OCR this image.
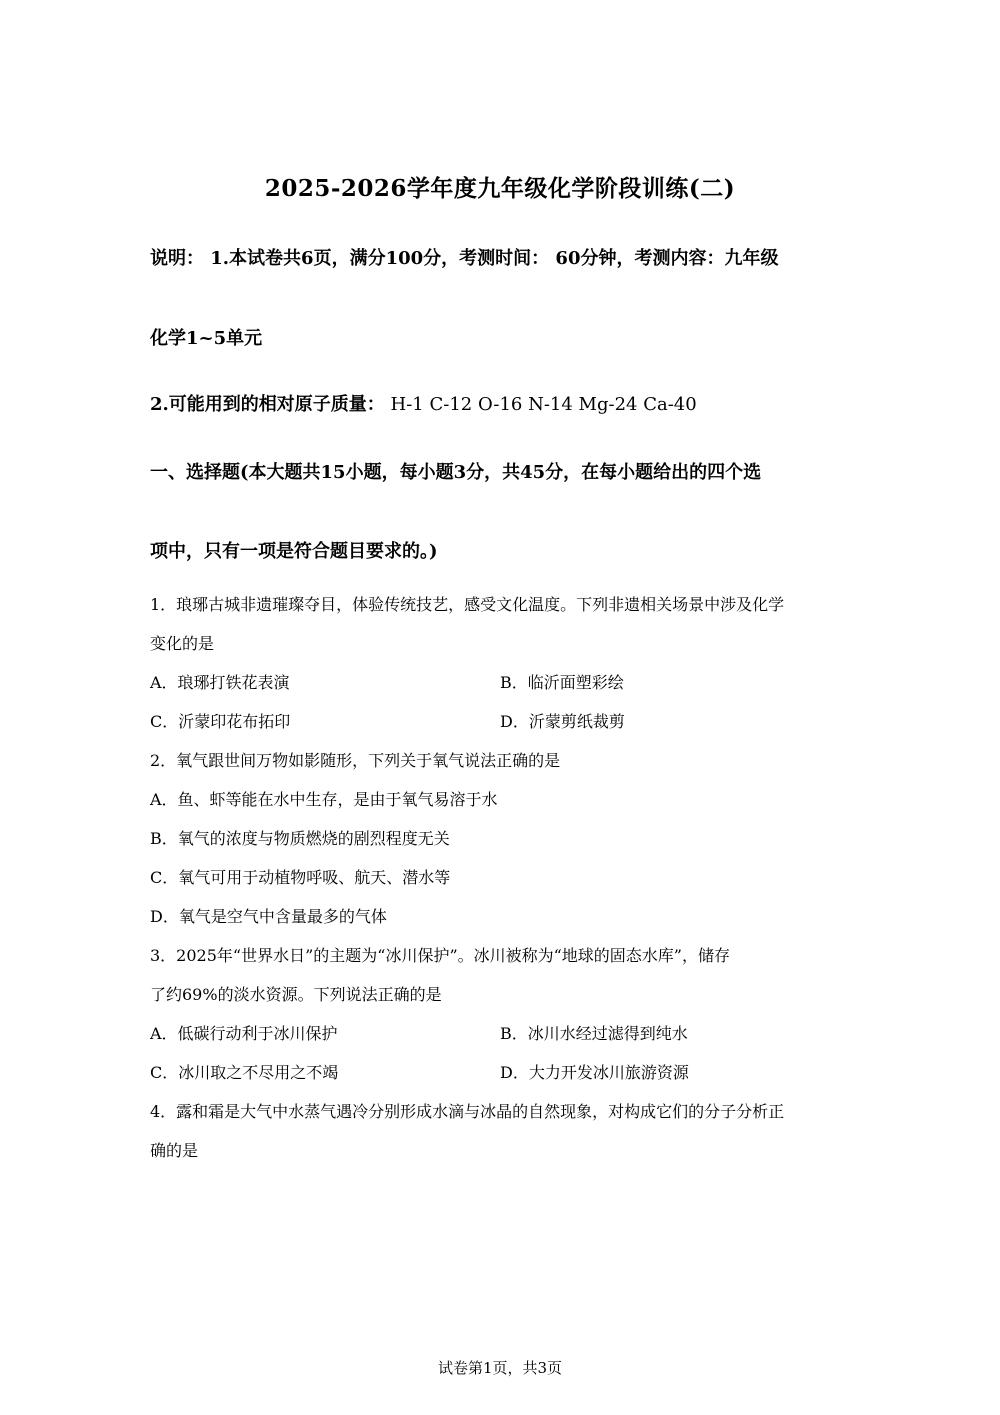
2025-2026学年度九年级化学阶段训练(二)
说明： 1.本试卷共6页，满分100分，考测时间： 60分钟，考测内容：九年级
化学1~5单元
2.可能用到的相对原子质量： H-1 C-12 O-16 N-14 Mg-24 Ca-40
一、选择题(本大题共15小题，每小题3分，共45分，在每小题给出的四个选
项中，只有一项是符合题目要求的。)
1．琅琊古城非遗璀璨夺目，体验传统技艺，感受文化温度。下列非遗相关场景中涉及化学
变化的是
A．琅琊打铁花表演	B．临沂面塑彩绘
C．沂蒙印花布拓印	D．沂蒙剪纸裁剪
2．氧气跟世间万物如影随形，下列关于氧气说法正确的是
A．鱼、虾等能在水中生存，是由于氧气易溶于水
B．氧气的浓度与物质燃烧的剧烈程度无关
C．氧气可用于动植物呼吸、航天、潜水等
D．氧气是空气中含量最多的气体
3．2025年“世界水日”的主题为“冰川保护”。冰川被称为“地球的固态水库”，储存
了约69%的淡水资源。下列说法正确的是
A．低碳行动利于冰川保护	B．冰川水经过滤得到纯水
C．冰川取之不尽用之不竭	D．大力开发冰川旅游资源
4．露和霜是大气中水蒸气遇冷分别形成水滴与冰晶的自然现象，对构成它们的分子分析正
确的是
试卷第1页，共3页
